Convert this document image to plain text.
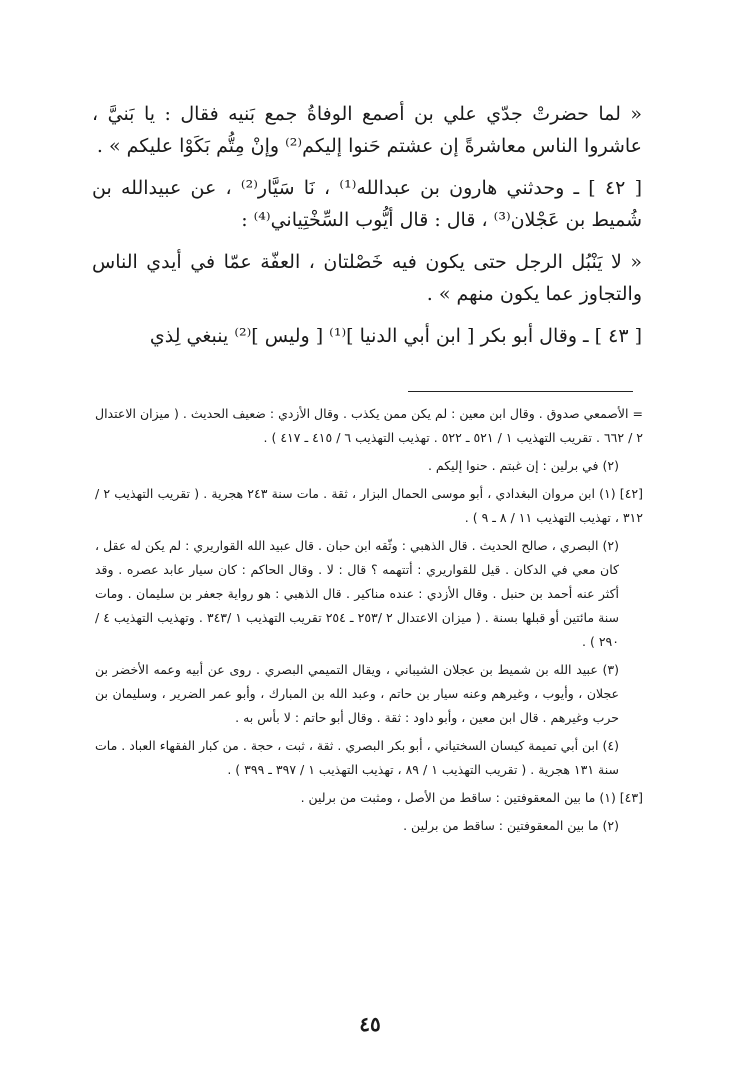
« لما حضرتْ جدّي علي بن أصمع الوفاةُ جمع بَنيه فقال : يا بَنيَّ ، عاشروا الناس معاشرةً إن عشتم حَنوا إليكم⁽²⁾ وإنْ مِتُّم بَكَوْا عليكم » .

[ ٤٢ ] ـ وحدثني هارون بن عبدالله⁽¹⁾ ، نَا سَيَّار⁽²⁾ ، عن عبيدالله بن شُميط بن عَجْلان⁽³⁾ ، قال : قال أيُّوب السِّخْتِياني⁽⁴⁾ :

« لا يَنْبُل الرجل حتى يكون فيه خَصْلتان ، العفّة عمّا في أيدي الناس والتجاوز عما يكون منهم » .

[ ٤٣ ] ـ وقال أبو بكر [ ابن أبي الدنيا ]⁽¹⁾ [ وليس ]⁽²⁾ ينبغي لِذي

= الأصمعي صدوق . وقال ابن معين : لم يكن ممن يكذب . وقال الأزدي : ضعيف الحديث . ( ميزان الاعتدال ٢ / ٦٦٢ . تقريب التهذيب ١ / ٥٢١ ـ ٥٢٢ . تهذيب التهذيب ٦ / ٤١٥ ـ ٤١٧ ) .

(٢) في برلين : إن غبتم . حنوا إليكم .

[٤٢] (١) ابن مروان البغدادي ، أبو موسى الحمال البزار ، ثقة . مات سنة ٢٤٣ هجرية . ( تقريب التهذيب ٢ / ٣١٢ ، تهذيب التهذيب ١١ / ٨ ـ ٩ ) .

(٢) البصري ، صالح الحديث . قال الذهبي : وثّقه ابن حبان . قال عبيد الله القواريري : لم يكن له عقل ، كان معي في الدكان . قيل للقواريري : أتتهمه ؟ قال : لا . وقال الحاكم : كان سيار عابد عصره . وقد أكثر عنه أحمد بن حنبل . وقال الأزدي : عنده مناكير . قال الذهبي : هو رواية جعفر بن سليمان . ومات سنة مائتين أو قبلها بسنة . ( ميزان الاعتدال ٢ /٢٥٣ ـ ٢٥٤ تقريب التهذيب ١ /٣٤٣ . وتهذيب التهذيب ٤ / ٢٩٠ ) .

(٣) عبيد الله بن شميط بن عجلان الشيباني ، ويقال التميمي البصري . روى عن أبيه وعمه الأخضر بن عجلان ، وأيوب ، وغيرهم وعنه سيار بن حاتم ، وعبد الله بن المبارك ، وأبو عمر الضرير ، وسليمان بن حرب وغيرهم . قال ابن معين ، وأبو داود : ثقة . وقال أبو حاتم : لا بأس به .

(٤) ابن أبي تميمة كيسان السختياني ، أبو بكر البصري . ثقة ، ثبت ، حجة . من كبار الفقهاء العباد . مات سنة ١٣١ هجرية . ( تقريب التهذيب ١ / ٨٩ ، تهذيب التهذيب ١ / ٣٩٧ ـ ٣٩٩ ) .

[٤٣] (١) ما بين المعقوفتين : ساقط من الأصل ، ومثبت من برلين .

(٢) ما بين المعقوفتين : ساقط من برلين .

٤٥
